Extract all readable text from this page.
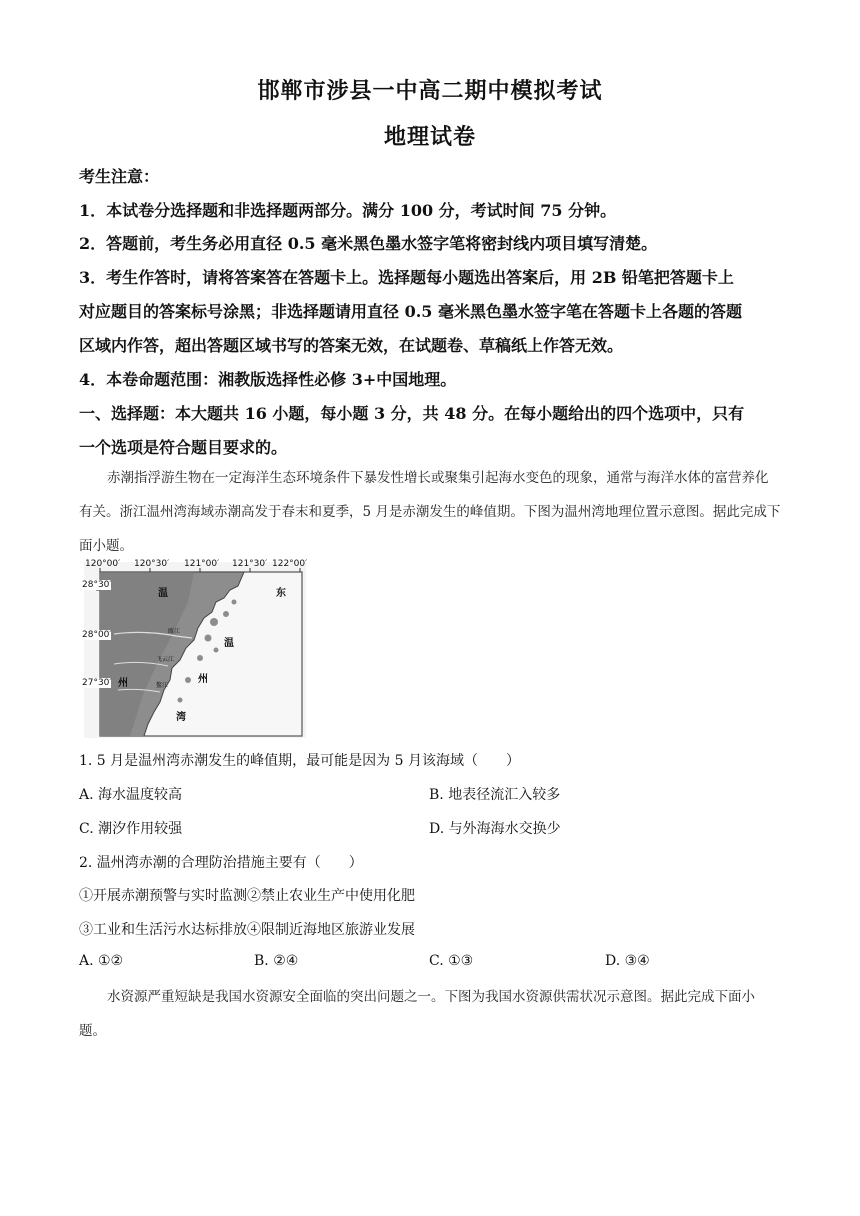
邯郸市涉县一中高二期中模拟考试
地理试卷
考生注意：
1．本试卷分选择题和非选择题两部分。满分 100 分，考试时间 75 分钟。
2．答题前，考生务必用直径 0.5 毫米黑色墨水签字笔将密封线内项目填写清楚。
3．考生作答时，请将答案答在答题卡上。选择题每小题选出答案后，用 2B 铅笔把答题卡上
对应题目的答案标号涂黑；非选择题请用直径 0.5 毫米黑色墨水签字笔在答题卡上各题的答题
区域内作答，超出答题区域书写的答案无效，在试题卷、草稿纸上作答无效。
4．本卷命题范围：湘教版选择性必修 3+中国地理。
一、选择题：本大题共 16 小题，每小题 3 分，共 48 分。在每小题给出的四个选项中，只有
一个选项是符合题目要求的。
赤潮指浮游生物在一定海洋生态环境条件下暴发性增长或聚集引起海水变色的现象，通常与海洋水体的富营养化有关。浙江温州湾海域赤潮高发于春末和夏季，5 月是赤潮发生的峰值期。下图为温州湾地理位置示意图。据此完成下面小题。
120°00′ 120°30′ 121°00′ 121°30′ 122°00′
28°30′
28°00′
27°30′
温
州
温
州
湾
东
瓯江
飞云江
鳌江
1. 5 月是温州湾赤潮发生的峰值期，最可能是因为 5 月该海域（　　）
A. 海水温度较高	B. 地表径流汇入较多
C. 潮汐作用较强	D. 与外海海水交换少
2. 温州湾赤潮的合理防治措施主要有（　　）
①开展赤潮预警与实时监测②禁止农业生产中使用化肥
③工业和生活污水达标排放④限制近海地区旅游业发展
A. ①②	B. ②④	C. ①③	D. ③④
水资源严重短缺是我国水资源安全面临的突出问题之一。下图为我国水资源供需状况示意图。据此完成下面小题。
